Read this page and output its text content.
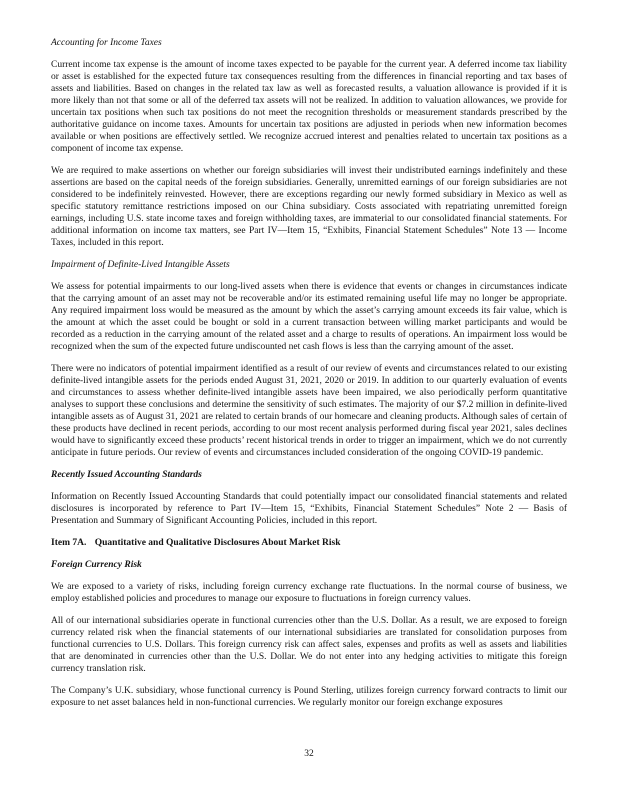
Accounting for Income Taxes

Current income tax expense is the amount of income taxes expected to be payable for the current year. A deferred income tax liability or asset is established for the expected future tax consequences resulting from the differences in financial reporting and tax bases of assets and liabilities. Based on changes in the related tax law as well as forecasted results, a valuation allowance is provided if it is more likely than not that some or all of the deferred tax assets will not be realized. In addition to valuation allowances, we provide for uncertain tax positions when such tax positions do not meet the recognition thresholds or measurement standards prescribed by the authoritative guidance on income taxes. Amounts for uncertain tax positions are adjusted in periods when new information becomes available or when positions are effectively settled. We recognize accrued interest and penalties related to uncertain tax positions as a component of income tax expense.

We are required to make assertions on whether our foreign subsidiaries will invest their undistributed earnings indefinitely and these assertions are based on the capital needs of the foreign subsidiaries. Generally, unremitted earnings of our foreign subsidiaries are not considered to be indefinitely reinvested. However, there are exceptions regarding our newly formed subsidiary in Mexico as well as specific statutory remittance restrictions imposed on our China subsidiary. Costs associated with repatriating unremitted foreign earnings, including U.S. state income taxes and foreign withholding taxes, are immaterial to our consolidated financial statements. For additional information on income tax matters, see Part IV—Item 15, “Exhibits, Financial Statement Schedules” Note 13 — Income Taxes, included in this report.

Impairment of Definite-Lived Intangible Assets

We assess for potential impairments to our long-lived assets when there is evidence that events or changes in circumstances indicate that the carrying amount of an asset may not be recoverable and/or its estimated remaining useful life may no longer be appropriate. Any required impairment loss would be measured as the amount by which the asset’s carrying amount exceeds its fair value, which is the amount at which the asset could be bought or sold in a current transaction between willing market participants and would be recorded as a reduction in the carrying amount of the related asset and a charge to results of operations. An impairment loss would be recognized when the sum of the expected future undiscounted net cash flows is less than the carrying amount of the asset.

There were no indicators of potential impairment identified as a result of our review of events and circumstances related to our existing definite-lived intangible assets for the periods ended August 31, 2021, 2020 or 2019. In addition to our quarterly evaluation of events and circumstances to assess whether definite-lived intangible assets have been impaired, we also periodically perform quantitative analyses to support these conclusions and determine the sensitivity of such estimates. The majority of our $7.2 million in definite-lived intangible assets as of August 31, 2021 are related to certain brands of our homecare and cleaning products. Although sales of certain of these products have declined in recent periods, according to our most recent analysis performed during fiscal year 2021, sales declines would have to significantly exceed these products’ recent historical trends in order to trigger an impairment, which we do not currently anticipate in future periods. Our review of events and circumstances included consideration of the ongoing COVID-19 pandemic.

Recently Issued Accounting Standards

Information on Recently Issued Accounting Standards that could potentially impact our consolidated financial statements and related disclosures is incorporated by reference to Part IV—Item 15, “Exhibits, Financial Statement Schedules” Note 2 — Basis of Presentation and Summary of Significant Accounting Policies, included in this report.

Item 7A. Quantitative and Qualitative Disclosures About Market Risk

Foreign Currency Risk

We are exposed to a variety of risks, including foreign currency exchange rate fluctuations. In the normal course of business, we employ established policies and procedures to manage our exposure to fluctuations in foreign currency values.

All of our international subsidiaries operate in functional currencies other than the U.S. Dollar. As a result, we are exposed to foreign currency related risk when the financial statements of our international subsidiaries are translated for consolidation purposes from functional currencies to U.S. Dollars. This foreign currency risk can affect sales, expenses and profits as well as assets and liabilities that are denominated in currencies other than the U.S. Dollar. We do not enter into any hedging activities to mitigate this foreign currency translation risk.

The Company’s U.K. subsidiary, whose functional currency is Pound Sterling, utilizes foreign currency forward contracts to limit our exposure to net asset balances held in non-functional currencies. We regularly monitor our foreign exchange exposures

32
